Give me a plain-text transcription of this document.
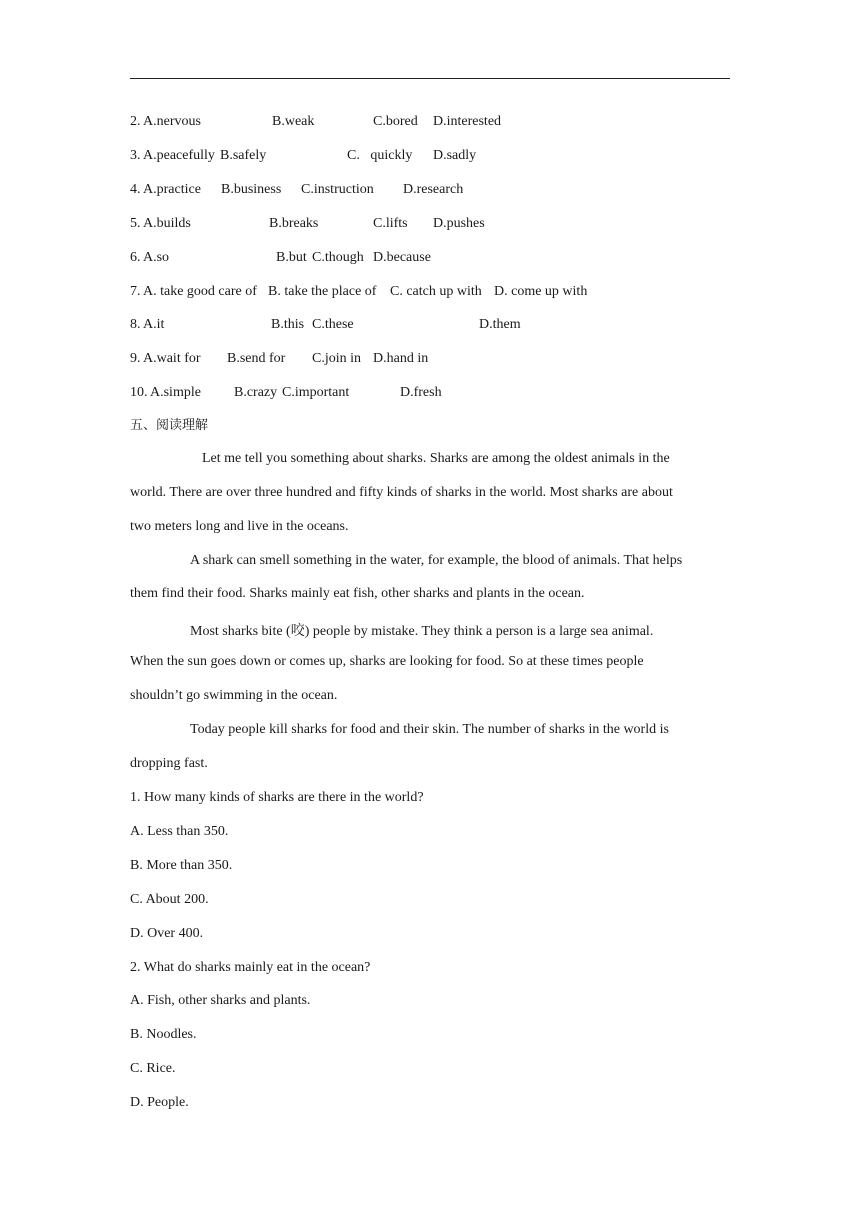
2. A.nervous	B.weak	C.bored D.interested
3. A.peacefully B.safely	C.   quickly D.sadly
4. A.practice B.business C.instruction D.research
5. A.builds	B.breaks	C.lifts D.pushes
6. A.so	B.but C.though D.because
7. A. take good care of B. take the place of C. catch up with D. come up with
8. A.it	B.this C.these	D.them
9. A.wait for B.send for C.join in D.hand in
10. A.simple B.crazy C.important	D.fresh
五、阅读理解
Let me tell you something about sharks. Sharks are among the oldest animals in the
world. There are over three hundred and fifty kinds of sharks in the world. Most sharks are about
two meters long and live in the oceans.
A shark can smell something in the water, for example, the blood of animals. That helps
them find their food. Sharks mainly eat fish, other sharks and plants in the ocean.
Most sharks bite (咬) people by mistake. They think a person is a large sea animal.
When the sun goes down or comes up, sharks are looking for food. So at these times people
shouldn’t go swimming in the ocean.
Today people kill sharks for food and their skin. The number of sharks in the world is
dropping fast.
1. How many kinds of sharks are there in the world?
A. Less than 350.
B. More than 350.
C. About 200.
D. Over 400.
2. What do sharks mainly eat in the ocean?
A. Fish, other sharks and plants.
B. Noodles.
C. Rice.
D. People.
